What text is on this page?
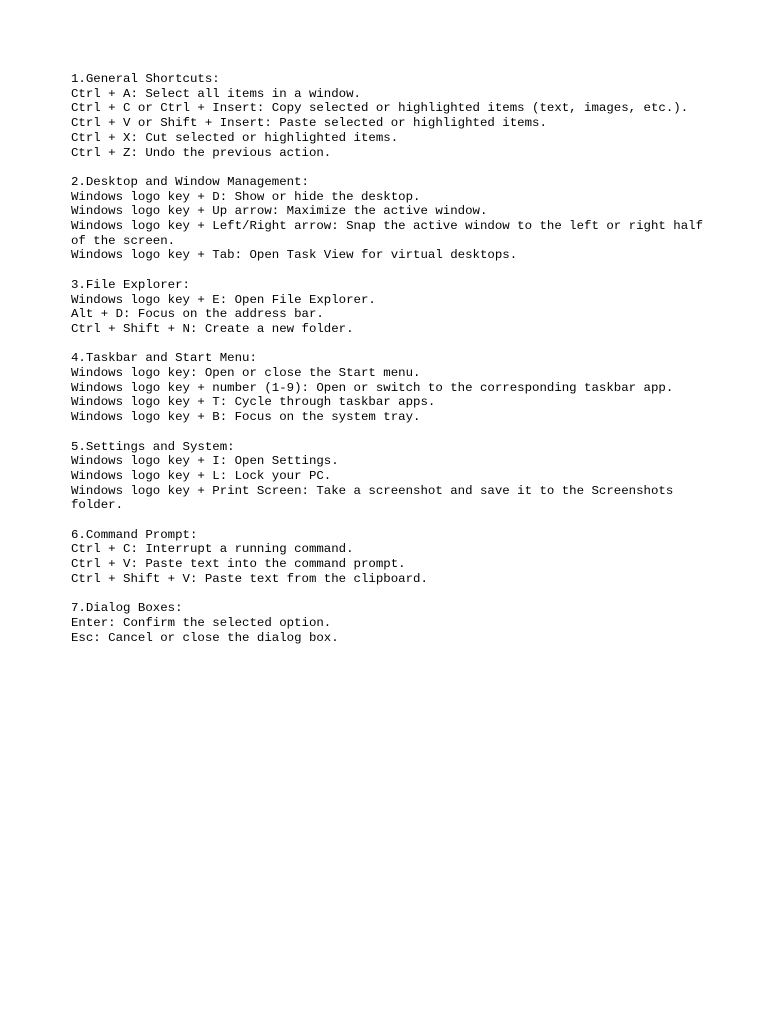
1.General Shortcuts:
Ctrl + A: Select all items in a window.
Ctrl + C or Ctrl + Insert: Copy selected or highlighted items (text, images, etc.).
Ctrl + V or Shift + Insert: Paste selected or highlighted items.
Ctrl + X: Cut selected or highlighted items.
Ctrl + Z: Undo the previous action.
2.Desktop and Window Management:
Windows logo key + D: Show or hide the desktop.
Windows logo key + Up arrow: Maximize the active window.
Windows logo key + Left/Right arrow: Snap the active window to the left or right half of the screen.
Windows logo key + Tab: Open Task View for virtual desktops.
3.File Explorer:
Windows logo key + E: Open File Explorer.
Alt + D: Focus on the address bar.
Ctrl + Shift + N: Create a new folder.
4.Taskbar and Start Menu:
Windows logo key: Open or close the Start menu.
Windows logo key + number (1-9): Open or switch to the corresponding taskbar app.
Windows logo key + T: Cycle through taskbar apps.
Windows logo key + B: Focus on the system tray.
5.Settings and System:
Windows logo key + I: Open Settings.
Windows logo key + L: Lock your PC.
Windows logo key + Print Screen: Take a screenshot and save it to the Screenshots folder.
6.Command Prompt:
Ctrl + C: Interrupt a running command.
Ctrl + V: Paste text into the command prompt.
Ctrl + Shift + V: Paste text from the clipboard.
7.Dialog Boxes:
Enter: Confirm the selected option.
Esc: Cancel or close the dialog box.
